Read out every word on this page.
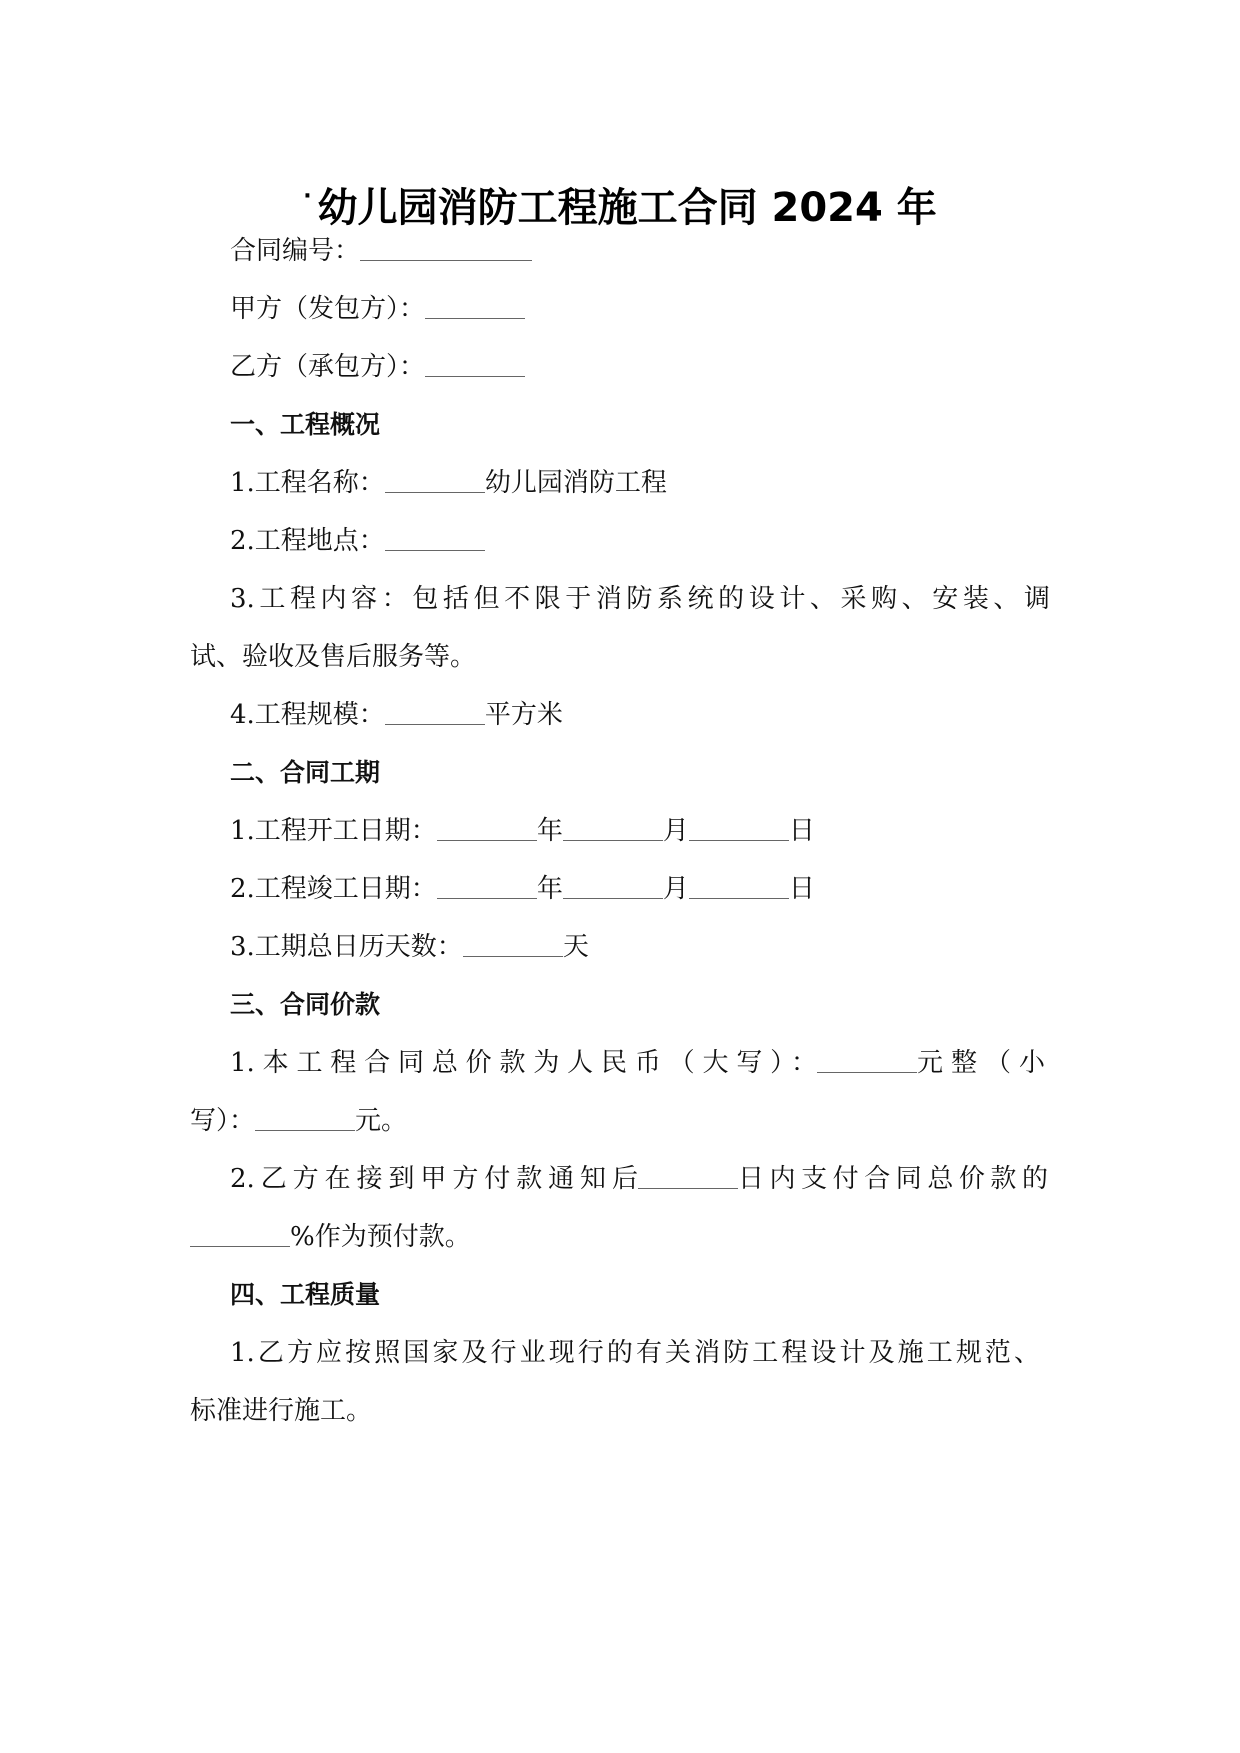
· 幼儿园消防工程施工合同 2024 年
合同编号：
甲方（发包方）：
乙方（承包方）：
一、工程概况
1.工程名称：	幼儿园消防工程
2.工程地点：
3.工程内容：包括但不限于消防系统的设计、采购、安装、调
试、验收及售后服务等。
4.工程规模：	平方米
二、合同工期
1.工程开工日期：	年	月	日
2.工程竣工日期：	年	月	日
3.工期总日历天数：	天
三、合同价款
1.本工程合同总价款为人民币（大写）：	元整（小
写）：	元。
2.乙方在接到甲方付款通知后	日内支付合同总价款的
%作为预付款。
四、工程质量
1.乙方应按照国家及行业现行的有关消防工程设计及施工规范、
标准进行施工。
